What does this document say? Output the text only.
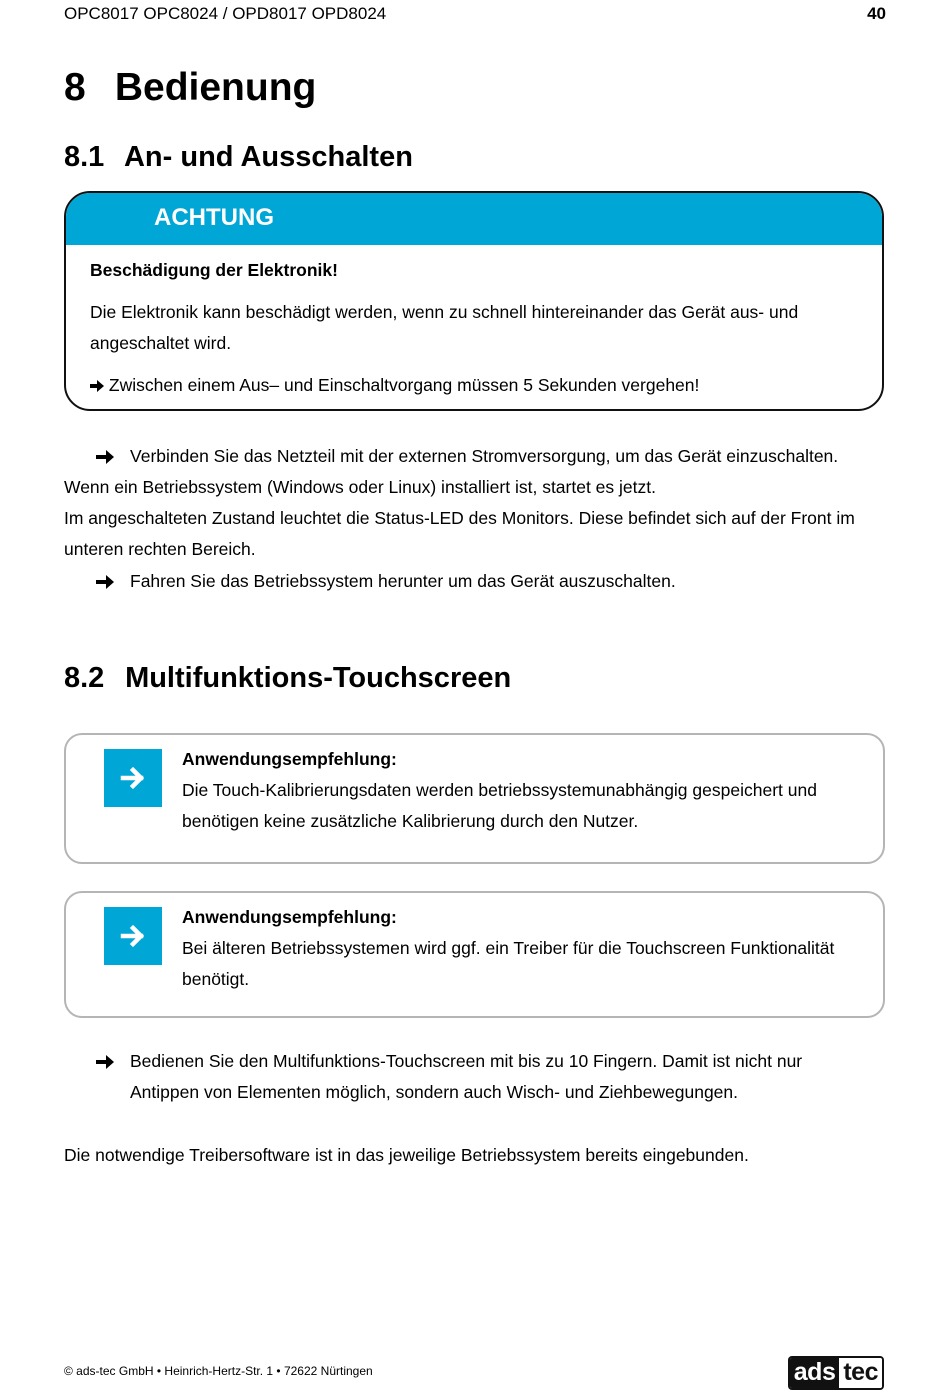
OPC8017 OPC8024 / OPD8017 OPD8024	40
8 Bedienung
8.1 An- und Ausschalten
ACHTUNG

Beschädigung der Elektronik!

Die Elektronik kann beschädigt werden, wenn zu schnell hintereinander das Gerät aus- und

angeschaltet wird.

Zwischen einem Aus– und Einschaltvorgang müssen 5 Sekunden vergehen!

Verbinden Sie das Netzteil mit der externen Stromversorgung, um das Gerät einzuschalten.
Wenn ein Betriebssystem (Windows oder Linux) installiert ist, startet es jetzt.
Im angeschalteten Zustand leuchtet die Status-LED des Monitors. Diese befindet sich auf der Front im
unteren rechten Bereich.
Fahren Sie das Betriebssystem herunter um das Gerät auszuschalten.
8.2 Multifunktions-Touchscreen
Anwendungsempfehlung:
Die Touch-Kalibrierungsdaten werden betriebssystemunabhängig gespeichert und
benötigen keine zusätzliche Kalibrierung durch den Nutzer.
Anwendungsempfehlung:
Bei älteren Betriebssystemen wird ggf. ein Treiber für die Touchscreen Funktionalität
benötigt.
Bedienen Sie den Multifunktions-Touchscreen mit bis zu 10 Fingern. Damit ist nicht nur
Antippen von Elementen möglich, sondern auch Wisch- und Ziehbewegungen.
Die notwendige Treibersoftware ist in das jeweilige Betriebssystem bereits eingebunden.
© ads-tec GmbH • Heinrich-Hertz-Str. 1 • 72622 Nürtingen	ads tec
